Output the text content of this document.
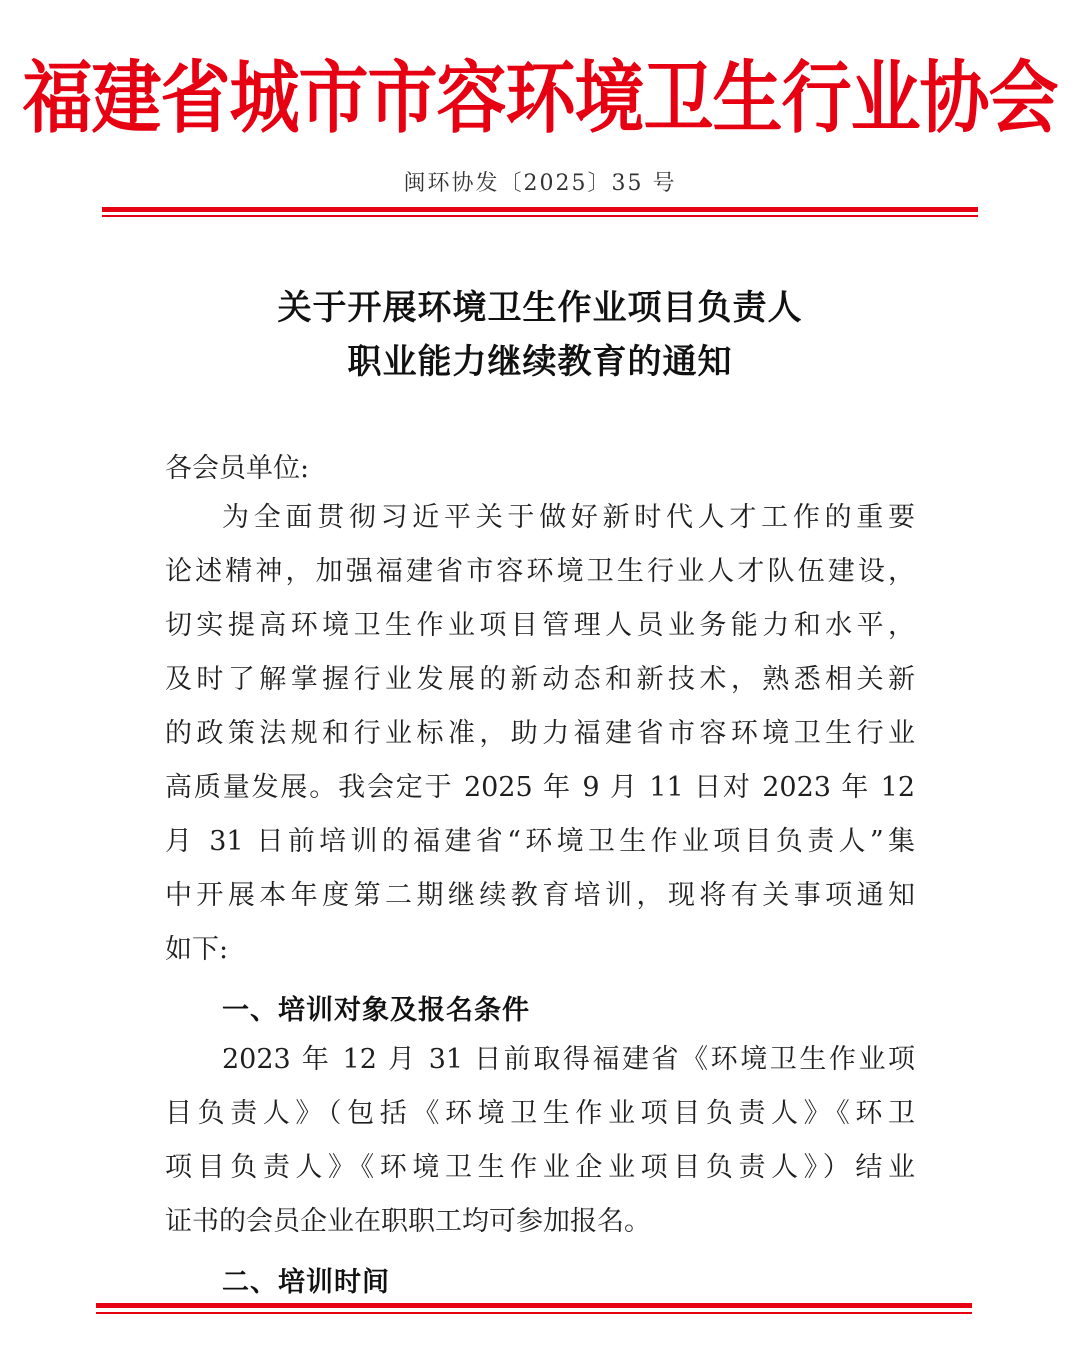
福建省城市市容环境卫生行业协会
闽环协发〔2025〕35 号
关于开展环境卫生作业项目负责人
职业能力继续教育的通知
各会员单位:
为全面贯彻习近平关于做好新时代人才工作的重要
论述精神，加强福建省市容环境卫生行业人才队伍建设，
切实提高环境卫生作业项目管理人员业务能力和水平，
及时了解掌握行业发展的新动态和新技术，熟悉相关新
的政策法规和行业标准，助力福建省市容环境卫生行业
高质量发展。我会定于 2025 年 9 月 11 日对 2023 年 12
月 31 日前培训的福建省“环境卫生作业项目负责人”集
中开展本年度第二期继续教育培训，现将有关事项通知
如下:
一、培训对象及报名条件
2023 年 12 月 31 日前取得福建省《环境卫生作业项
目负责人》（包括《环境卫生作业项目负责人》《环卫
项目负责人》《环境卫生作业企业项目负责人》）结业
证书的会员企业在职职工均可参加报名。
二、培训时间
